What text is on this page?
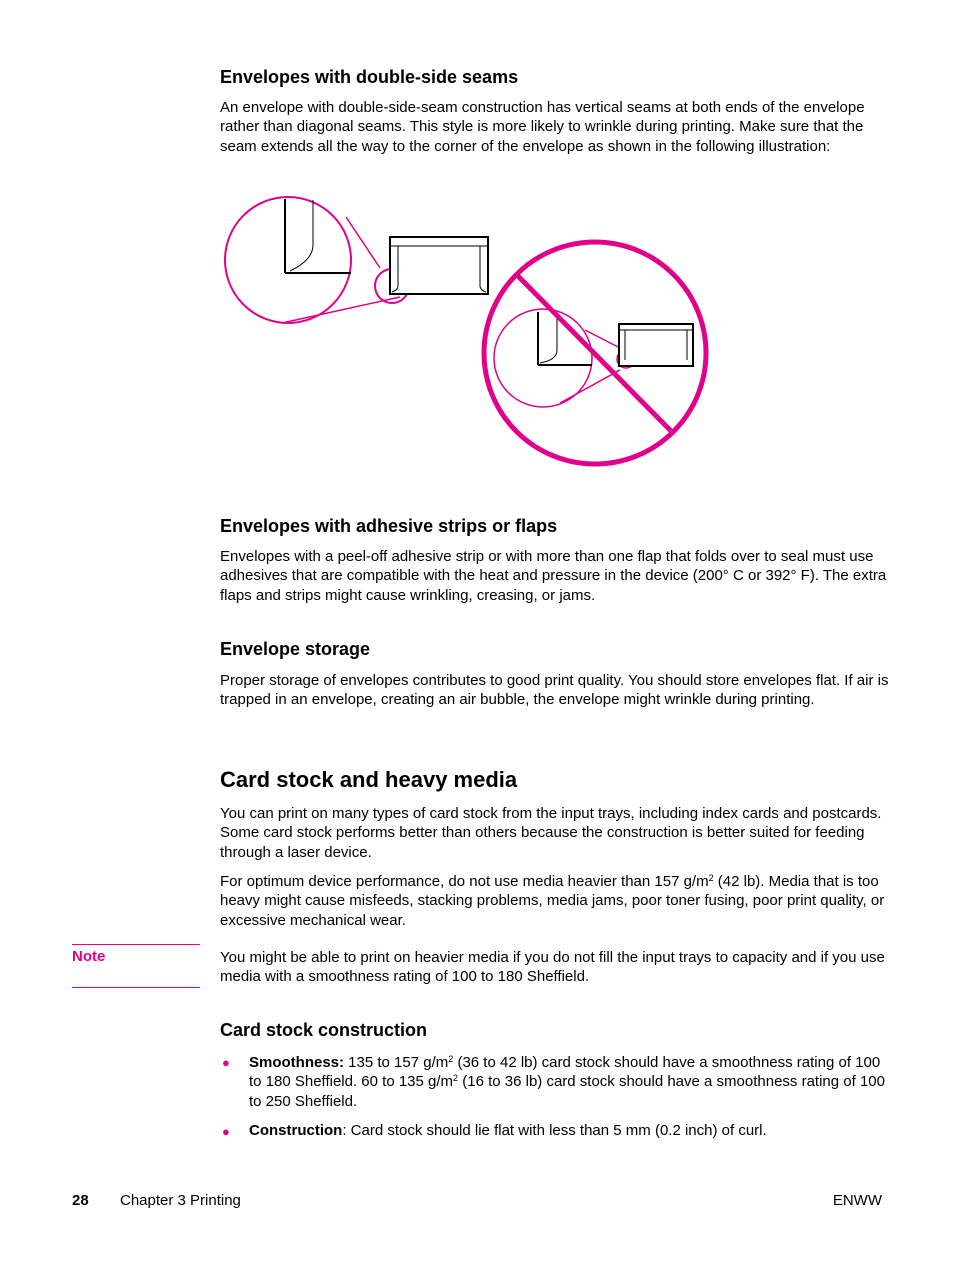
Envelopes with double-side seams

An envelope with double-side-seam construction has vertical seams at both ends of the envelope rather than diagonal seams. This style is more likely to wrinkle during printing. Make sure that the seam extends all the way to the corner of the envelope as shown in the following illustration:

Envelopes with adhesive strips or flaps

Envelopes with a peel-off adhesive strip or with more than one flap that folds over to seal must use adhesives that are compatible with the heat and pressure in the device (200° C or 392° F). The extra flaps and strips might cause wrinkling, creasing, or jams.

Envelope storage

Proper storage of envelopes contributes to good print quality. You should store envelopes flat. If air is trapped in an envelope, creating an air bubble, the envelope might wrinkle during printing.

Card stock and heavy media

You can print on many types of card stock from the input trays, including index cards and postcards. Some card stock performs better than others because the construction is better suited for feeding through a laser device.

For optimum device performance, do not use media heavier than 157 $g/m^2$ (42 lb). Media that is too heavy might cause misfeeds, stacking problems, media jams, poor toner fusing, poor print quality, or excessive mechanical wear.

Note	You might be able to print on heavier media if you do not fill the input trays to capacity and if you use media with a smoothness rating of 100 to 180 Sheffield.

Card stock construction
● Smoothness: 135 to 157 $g/m^2$ (36 to 42 lb) card stock should have a smoothness rating of 100 to 180 Sheffield. 60 to 135 $g/m^2$ (16 to 36 lb) card stock should have a smoothness rating of 100 to 250 Sheffield.

● Construction: Card stock should lie flat with less than 5 mm (0.2 inch) of curl.

28 Chapter 3 Printing	ENWW
